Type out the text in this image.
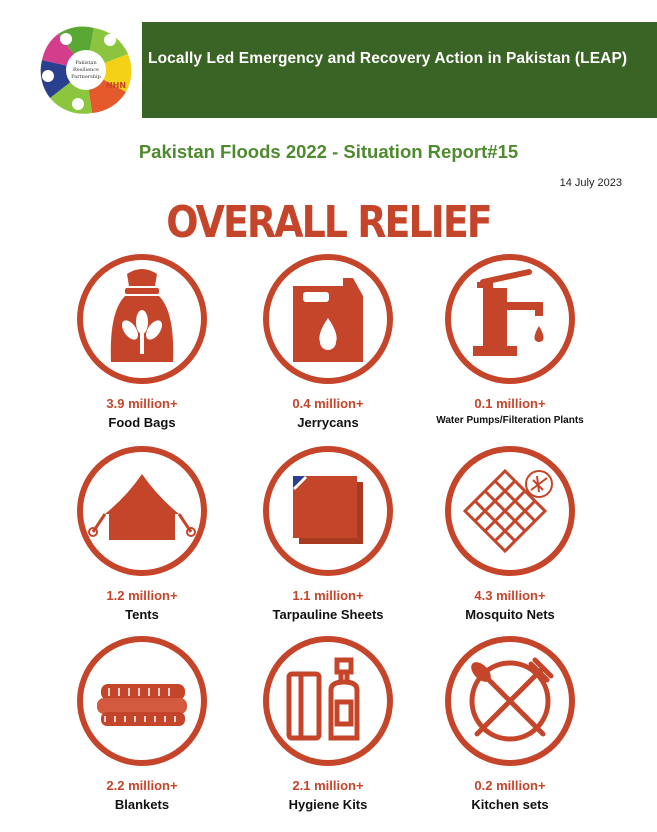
Pakistan
Resilience
Partnership
NHN
Locally Led Emergency and Recovery Action in Pakistan (LEAP)
Pakistan Floods 2022 - Situation Report#15
14 July 2023
OVERALL RELIEF
3.9 million+
Food Bags
0.4 million+
Jerrycans
0.1 million+
Water Pumps/Filteration Plants
1.2 million+
Tents
1.1 million+
Tarpauline Sheets
4.3 million+
Mosquito Nets
2.2 million+
Blankets
2.1 million+
Hygiene Kits
0.2 million+
Kitchen sets
